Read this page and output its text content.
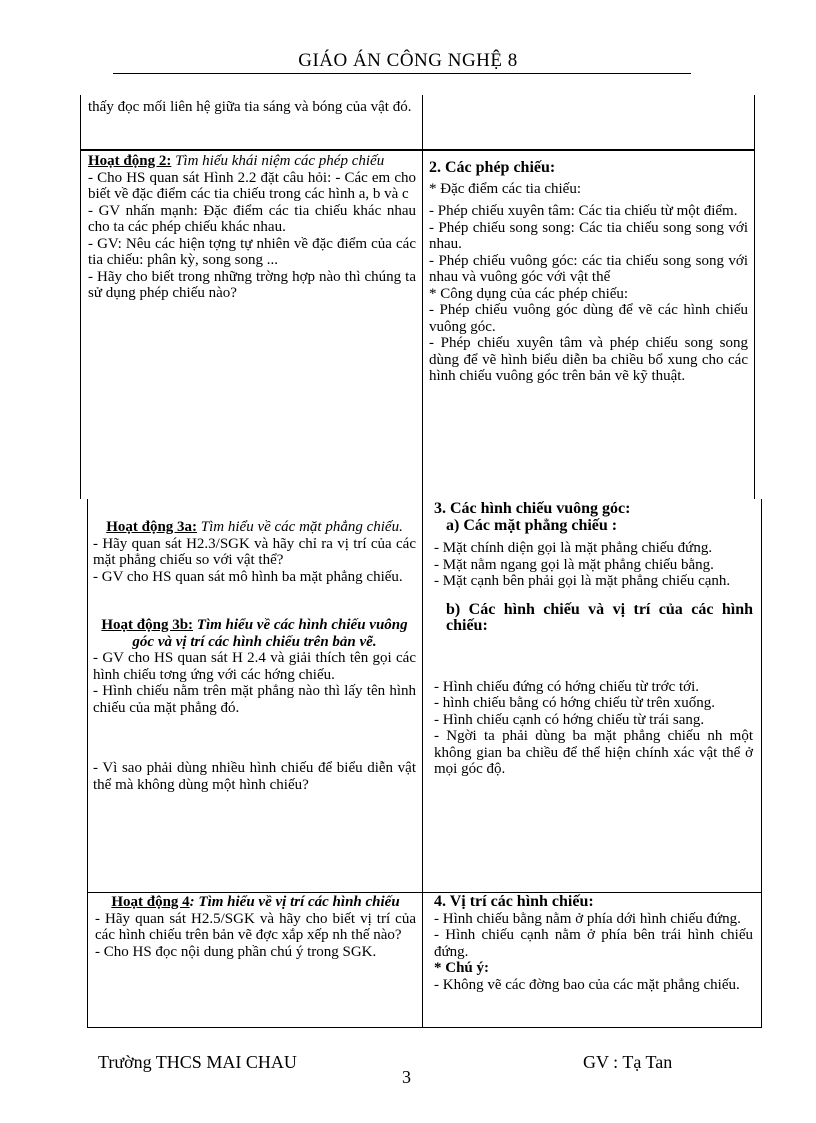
GIÁO ÁN CÔNG NGHỆ 8

thấy đọc mối liên hệ giữa tia sáng và bóng của vật đó.

Hoạt động 2: Tìm hiểu khái niệm các phép chiếu

- Cho HS quan sát Hình 2.2 đặt câu hỏi: - Các em cho biết về đặc điểm các tia chiếu trong các hình a, b và c

- GV nhấn mạnh: Đặc điểm các tia chiếu khác nhau cho ta các phép chiếu khác nhau.

- GV: Nêu các hiện tợng tự nhiên về đặc điểm của các tia chiếu: phân kỳ, song song ...

- Hãy cho biết trong những trờng hợp nào thì chúng ta sử dụng phép chiếu nào?

2. Các phép chiếu:

* Đặc điểm các tia chiếu:

- Phép chiếu xuyên tâm: Các tia chiếu từ một điểm.

- Phép chiếu song song: Các tia chiếu song song với nhau.

- Phép chiếu vuông góc: các tia chiếu song song với nhau và vuông góc với vật thể

* Công dụng của các phép chiếu:

- Phép chiếu vuông góc dùng để vẽ các hình chiếu vuông góc.

- Phép chiếu xuyên tâm và phép chiếu song song dùng để vẽ hình biểu diễn ba chiều bổ xung cho các hình chiếu vuông góc trên bản vẽ kỹ thuật.

Hoạt động 3a: Tìm hiểu về các mặt phẳng chiếu.

- Hãy quan sát H2.3/SGK và hãy chỉ ra vị trí của các mặt phẳng chiếu so với vật thể?

- GV cho HS quan sát mô hình ba mặt phẳng chiếu.

Hoạt động 3b: Tìm hiểu về các hình chiếu vuông góc và vị trí các hình chiếu trên bản vẽ.

- GV cho HS quan sát H 2.4 và giải thích tên gọi các hình chiếu tơng ứng với các hớng chiếu.

- Hình chiếu nằm trên mặt phẳng nào thì lấy tên hình chiếu của mặt phẳng đó.

- Vì sao phải dùng nhiều hình chiếu để biểu diễn vật thể mà không dùng một hình chiếu?

3. Các hình chiếu vuông góc:

a) Các mặt phẳng chiếu :

- Mặt chính diện gọi là mặt phẳng chiếu đứng.

- Mặt nằm ngang gọi là mặt phẳng chiếu bằng.

- Mặt cạnh bên phải gọi là mặt phẳng chiếu cạnh.

b) Các hình chiếu và vị trí của các hình chiếu:

- Hình chiếu đứng có hớng chiếu từ trớc tới.

- hình chiếu bằng có hớng chiếu từ trên xuống.

- Hình chiếu cạnh có hớng chiếu từ trái sang.

- Ngời ta phải dùng ba mặt phẳng chiếu nh một không gian ba chiều để thể hiện chính xác vật thể ở mọi góc độ.

Hoạt động 4: Tìm hiểu về vị trí các hình chiếu

- Hãy quan sát H2.5/SGK và hãy cho biết vị trí của các hình chiếu trên bản vẽ đợc xắp xếp nh thế nào?

- Cho HS đọc nội dung phần chú ý trong SGK.

4. Vị trí các hình chiếu:

- Hình chiếu bằng nằm ở phía dới hình chiếu đứng.

- Hình chiếu cạnh nằm ở phía bên trái hình chiếu đứng.

* Chú ý:

- Không vẽ các đờng bao của các mặt phẳng chiếu.

Trường THCS MAI CHAU
3
GV : Tạ Tan
